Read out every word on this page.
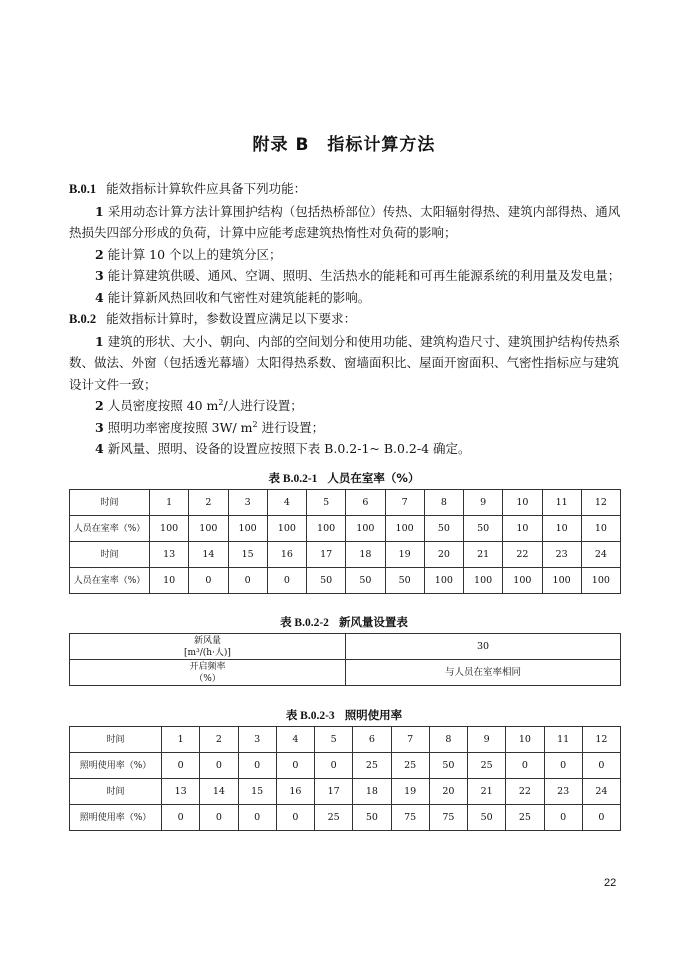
附录 B　指标计算方法

B.0.1 能效指标计算软件应具备下列功能：

1 采用动态计算方法计算围护结构（包括热桥部位）传热、太阳辐射得热、建筑内部得热、通风热损失四部分形成的负荷，计算中应能考虑建筑热惰性对负荷的影响；

2 能计算 10 个以上的建筑分区；

3 能计算建筑供暖、通风、空调、照明、生活热水的能耗和可再生能源系统的利用量及发电量；

4 能计算新风热回收和气密性对建筑能耗的影响。

B.0.2 能效指标计算时，参数设置应满足以下要求：

1 建筑的形状、大小、朝向、内部的空间划分和使用功能、建筑构造尺寸、建筑围护结构传热系数、做法、外窗（包括透光幕墙）太阳得热系数、窗墙面积比、屋面开窗面积、气密性指标应与建筑设计文件一致；

2 人员密度按照 40 $m^2/$人进行设置；

3 照明功率密度按照 3W/ $m^2$ 进行设置；

4 新风量、照明、设备的设置应按照下表 B.0.2-1~ B.0.2-4 确定。

表 B.0.2-1 人员在室率（%）
时间	1	2	3	4	5	6	7	8	9	10	11	12
人员在室率（%）	100	100	100	100	100	100	100	50	50	10	10	10
时间	13	14	15	16	17	18	19	20	21	22	23	24
人员在室率（%）	10	0	0	0	50	50	50	100	100	100	100	100
表 B.0.2-2 新风量设置表
新风量
[m³/(h·人)]	30

开启频率
（%）	与人员在室率相同
表 B.0.2-3 照明使用率
时间	1	2	3	4	5	6	7	8	9	10	11	12
照明使用率（%）	0	0	0	0	0	25	25	50	25	0	0	0
时间	13	14	15	16	17	18	19	20	21	22	23	24
照明使用率（%）	0	0	0	0	25	50	75	75	50	25	0	0
22
